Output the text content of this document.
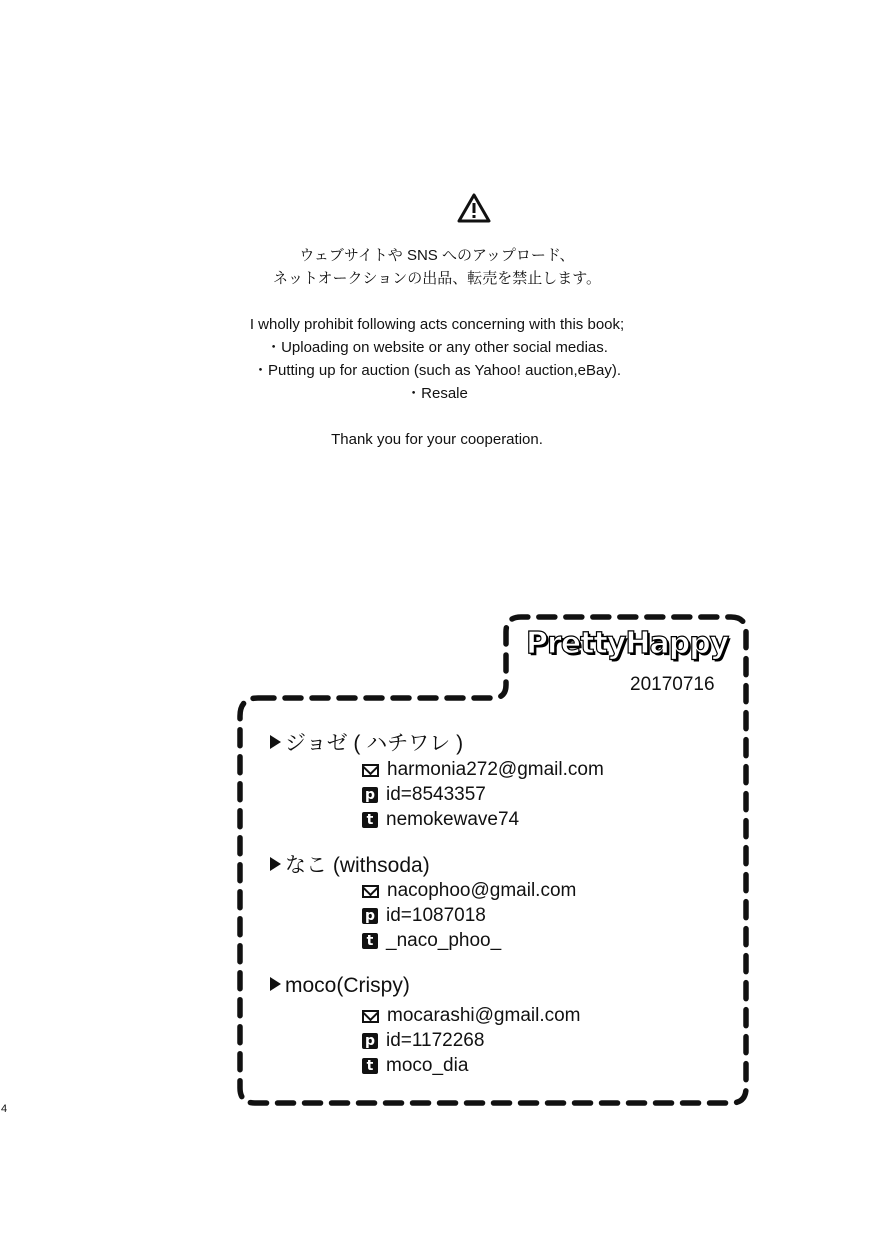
ウェブサイトや SNS へのアップロード、
ネットオークションの出品、転売を禁止します。
I wholly prohibit following acts concerning with this book;
・Uploading on website or any other social medias.
・Putting up for auction (such as Yahoo! auction,eBay).
・Resale
Thank you for your cooperation.
PrettyHappy
20170716
ジョゼ ( ハチワレ )
harmonia272@gmail.com
p id=8543357
t nemokewave74
なこ (withsoda)
nacophoo@gmail.com
p id=1087018
t _naco_phoo_
moco(Crispy)
mocarashi@gmail.com
p id=1172268
t moco_dia
4
